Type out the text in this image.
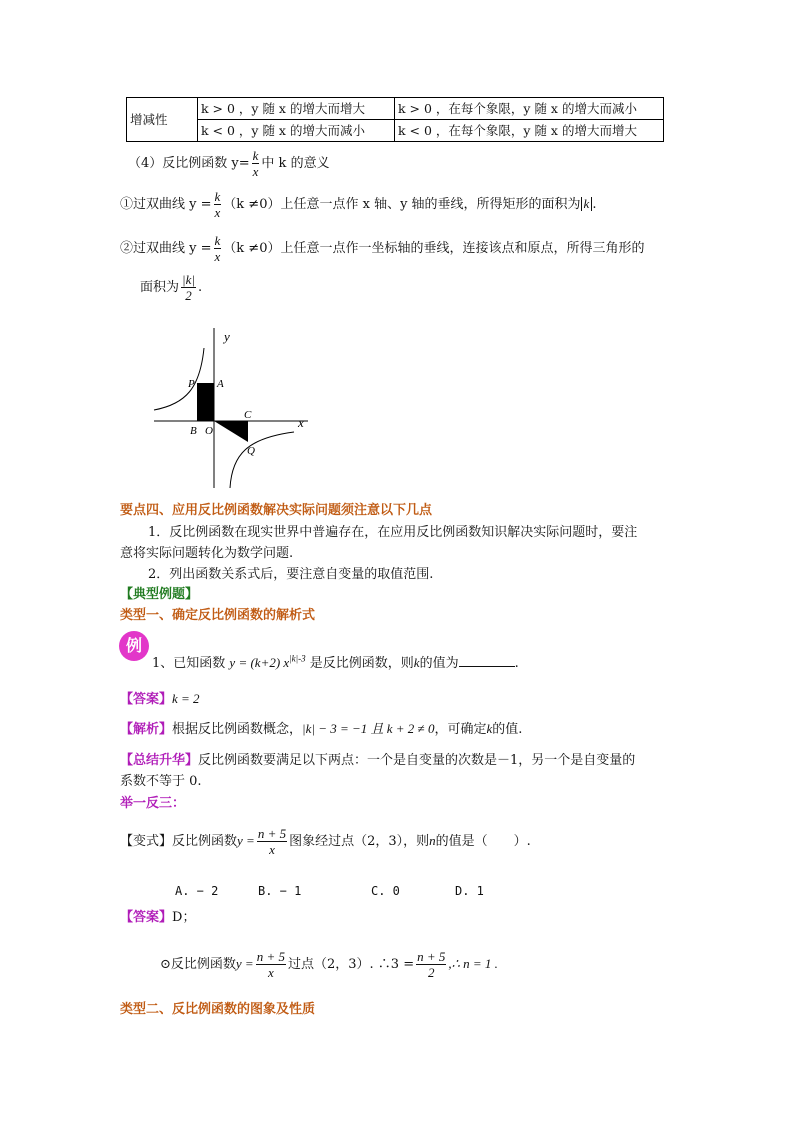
增减性	k > 0 ，y 随 x 的增大而增大	k > 0 ，在每个象限，y 随 x 的增大而减小
	k < 0 ，y 随 x 的增大而减小	k < 0 ，在每个象限，y 随 x 的增大而增大
（4）反比例函数 $y= \frac{k}{x}$ 中 k 的意义
①过双曲线 $y = \frac{k}{x} (k \ne 0)$上任意一点作 x 轴、y 轴的垂线，所得矩形的面积为 k .
②过双曲线 $y = \frac{k}{x} (k \ne 0)$上任意一点作一坐标轴的垂线，连接该点和原点，所得三角形的
面积为 $\frac{|k|}{2}$ .
y
x
P A
B O
C
Q
要点四、应用反比例函数解决实际问题须注意以下几点
1．反比例函数在现实世界中普遍存在，在应用反比例函数知识解决实际问题时，要注
意将实际问题转化为数学问题.
2．列出函数关系式后，要注意自变量的取值范围.
【典型例题】
类型一、确定反比例函数的解析式
例
1、已知函数 y = (k+2) $x^{|k|-3}$ 是反比例函数，则k的值为	.
【答案】k = 2
【解析】根据反比例函数概念，|k| − 3 = −1 且 k + 2 ≠ 0，可确定k的值.
【总结升华】反比例函数要满足以下两点：一个是自变量的次数是－1，另一个是自变量的
系数不等于 0.
举一反三：
【变式】反比例函数$y = \frac{n + 5}{x}$ 图象经过点（2，3），则n的值是（　　）.
A. − 2	B. − 1	C. 0	D. 1
【答案】D；
⊙反比例函数$y = \frac{n + 5}{x}$ 过点（2，3）. ∴3 = $\frac{n + 5}{2}$ ,∴ n = 1 .
类型二、反比例函数的图象及性质
